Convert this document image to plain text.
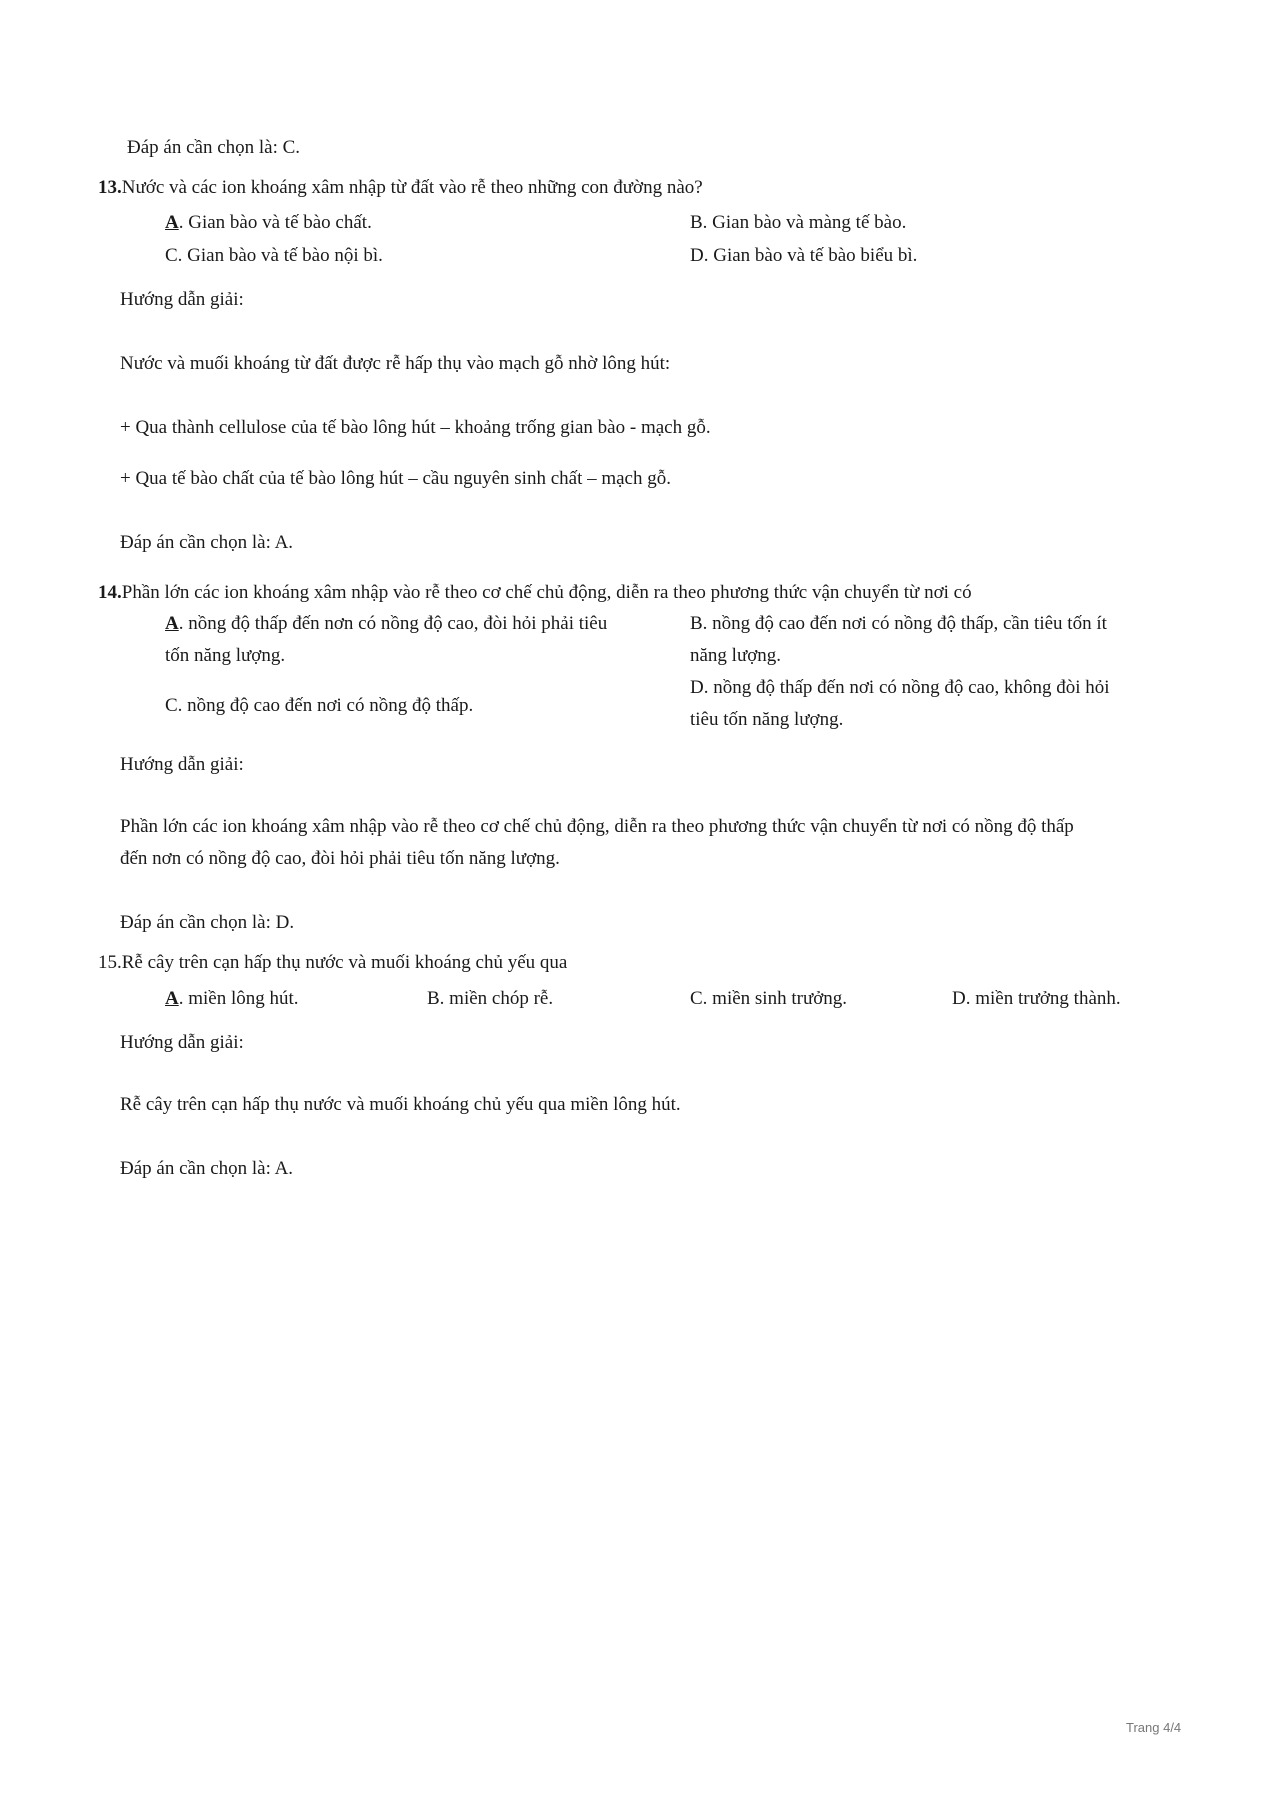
Đáp án cần chọn là: C.
13.Nước và các ion khoáng xâm nhập từ đất vào rễ theo những con đường nào?
A. Gian bào và tế bào chất.	B. Gian bào và màng tế bào.
C. Gian bào và tế bào nội bì.	D. Gian bào và tế bào biểu bì.
Hướng dẫn giải:
Nước và muối khoáng từ đất được rễ hấp thụ vào mạch gỗ nhờ lông hút:
+ Qua thành cellulose của tế bào lông hút – khoảng trống gian bào - mạch gỗ.
+ Qua tế bào chất của tế bào lông hút – cầu nguyên sinh chất – mạch gỗ.
Đáp án cần chọn là: A.
14.Phần lớn các ion khoáng xâm nhập vào rễ theo cơ chế chủ động, diễn ra theo phương thức vận chuyển từ nơi có
A. nồng độ thấp đến nơn có nồng độ cao, đòi hỏi phải tiêu
tốn năng lượng.
B. nồng độ cao đến nơi có nồng độ thấp, cần tiêu tốn ít
năng lượng.
C. nồng độ cao đến nơi có nồng độ thấp.
D. nồng độ thấp đến nơi có nồng độ cao, không đòi hỏi
tiêu tốn năng lượng.
Hướng dẫn giải:
Phần lớn các ion khoáng xâm nhập vào rễ theo cơ chế chủ động, diễn ra theo phương thức vận chuyển từ nơi có nồng độ thấp
đến nơn có nồng độ cao, đòi hỏi phải tiêu tốn năng lượng.
Đáp án cần chọn là: D.
15.Rễ cây trên cạn hấp thụ nước và muối khoáng chủ yếu qua
A. miền lông hút.	B. miền chóp rễ.	C. miền sinh trưởng.	D. miền trưởng thành.
Hướng dẫn giải:
Rễ cây trên cạn hấp thụ nước và muối khoáng chủ yếu qua miền lông hút.
Đáp án cần chọn là: A.
Trang 4/4
